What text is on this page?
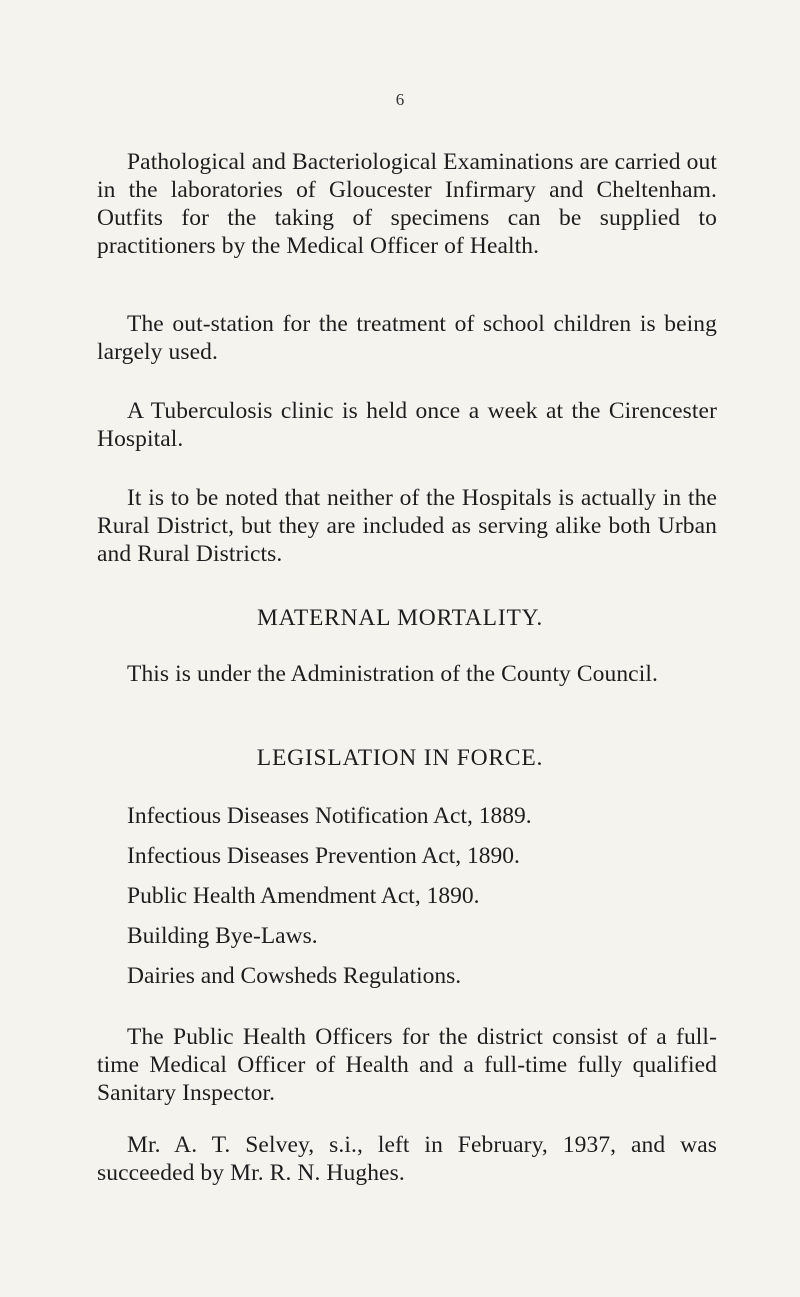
6

Pathological and Bacteriological Examinations are carried out in the laboratories of Gloucester Infirmary and Cheltenham. Outfits for the taking of specimens can be supplied to practitioners by the Medical Officer of Health.

The out-station for the treatment of school children is being largely used.

A Tuberculosis clinic is held once a week at the Cirencester Hospital.

It is to be noted that neither of the Hospitals is actually in the Rural District, but they are included as serving alike both Urban and Rural Districts.

MATERNAL MORTALITY.

This is under the Administration of the County Council.

LEGISLATION IN FORCE.
Infectious Diseases Notification Act, 1889.
Infectious Diseases Prevention Act, 1890.
Public Health Amendment Act, 1890.
Building Bye-Laws.
Dairies and Cowsheds Regulations.

The Public Health Officers for the district consist of a full-time Medical Officer of Health and a full-time fully qualified Sanitary Inspector.

Mr. A. T. Selvey, s.i., left in February, 1937, and was succeeded by Mr. R. N. Hughes.
